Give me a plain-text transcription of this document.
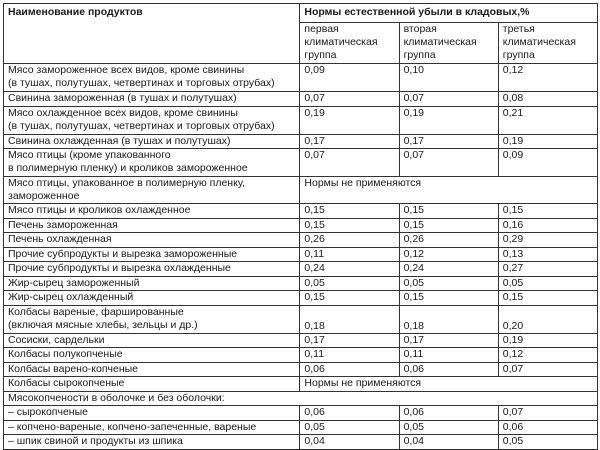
Наименование продуктов	Нормы естественной убыли в кладовых,%		
	первая климатическая группа	вторая климатическая группа	третья климатическая группа

Мясо замороженное всех видов, кроме свинины
(в тушах, полутушах, четвертинах и торговых отрубах)	0,09	0,10	0,12

Свинина замороженная (в тушах и полутушах)	0,07	0,07	0,08

Мясо охлажденное всех видов, кроме свинины
(в тушах, полутушах, четвертинах и торговых отрубах)	0,19	0,19	0,21

Свинина охлажденная (в тушах и полутушах)	0,17	0,17	0,19

Мясо птицы (кроме упакованного
в полимерную пленку) и кроликов замороженное	0,07	0,07	0,09

Мясо птицы, упакованное в полимерную пленку, замороженное	Нормы не применяются		

Мясо птицы и кроликов охлажденное	0,15	0,15	0,15

Печень замороженная	0,15	0,15	0,16

Печень охлажденная	0,26	0,26	0,29

Прочие субпродукты и вырезка замороженные	0,11	0,12	0,13

Прочие субпродукты и вырезка охлажденные	0,24	0,24	0,27

Жир-сырец замороженный	0,05	0,05	0,05

Жир-сырец охлажденный	0,15	0,15	0,15

Колбасы вареные, фаршированные
(включая мясные хлебы, зельцы и др.)	0,18	0,18	0,20

Сосиски, сардельки	0,17	0,17	0,19

Колбасы полукопченые	0,11	0,11	0,12

Колбасы варено-копченые	0,06	0,06	0,07

Колбасы сырокопченые	Нормы не применяются		

Мясокопчености в оболочке и без оболочки:			

– сырокопченые	0,06	0,06	0,07

– копчено-вареные, копчено-запеченные, вареные	0,05	0,05	0,06

– шпик свиной и продукты из шпика	0,04	0,04	0,05
